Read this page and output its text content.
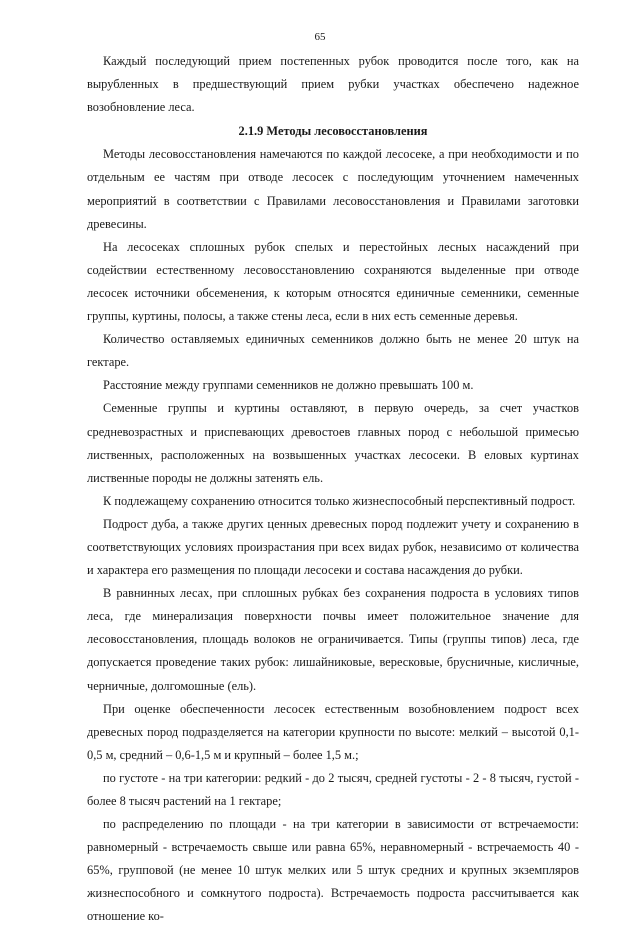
65

Каждый последующий прием постепенных рубок проводится после того, как на вырубленных в предшествующий прием рубки участках обеспечено надежное возобновление леса.

2.1.9 Методы лесовосстановления

Методы лесовосстановления намечаются по каждой лесосеке, а при необходимости и по отдельным ее частям при отводе лесосек с последующим уточнением намеченных мероприятий в соответствии с Правилами лесовосстановления и Правилами заготовки древесины.

На лесосеках сплошных рубок спелых и перестойных лесных насаждений при содействии естественному лесовосстановлению сохраняются выделенные при отводе лесосек источники обсеменения, к которым относятся единичные семенники, семенные группы, куртины, полосы, а также стены леса, если в них есть семенные деревья.

Количество оставляемых единичных семенников должно быть не менее 20 штук на гектаре.

Расстояние между группами семенников не должно превышать 100 м.

Семенные группы и куртины оставляют, в первую очередь, за счет участков средневозрастных и приспевающих древостоев главных пород с небольшой примесью лиственных, расположенных на возвышенных участках лесосеки. В еловых куртинах лиственные породы не должны затенять ель.

К подлежащему сохранению относится только жизнеспособный перспективный подрост.

Подрост дуба, а также других ценных древесных пород подлежит учету и сохранению в соответствующих условиях произрастания при всех видах рубок, независимо от количества и характера его размещения по площади лесосеки и состава насаждения до рубки.

В равнинных лесах, при сплошных рубках без сохранения подроста в условиях типов леса, где минерализация поверхности почвы имеет положительное значение для лесовосстановления, площадь волоков не ограничивается. Типы (группы типов) леса, где допускается проведение таких рубок: лишайниковые, вересковые, брусничные, кисличные, черничные, долгомошные (ель).

При оценке обеспеченности лесосек естественным возобновлением подрост всех древесных пород подразделяется на категории крупности по высоте: мелкий – высотой 0,1-0,5 м, средний – 0,6-1,5 м и крупный – более 1,5 м.;

по густоте - на три категории: редкий - до 2 тысяч, средней густоты - 2 - 8 тысяч, густой - более 8 тысяч растений на 1 гектаре;

по распределению по площади - на три категории в зависимости от встречаемости: равномерный - встречаемость свыше или равна 65%, неравномерный - встречаемость 40 - 65%, групповой (не менее 10 штук мелких или 5 штук средних и крупных экземпляров жизнеспособного и сомкнутого подроста). Встречаемость подроста рассчитывается как отношение ко-
